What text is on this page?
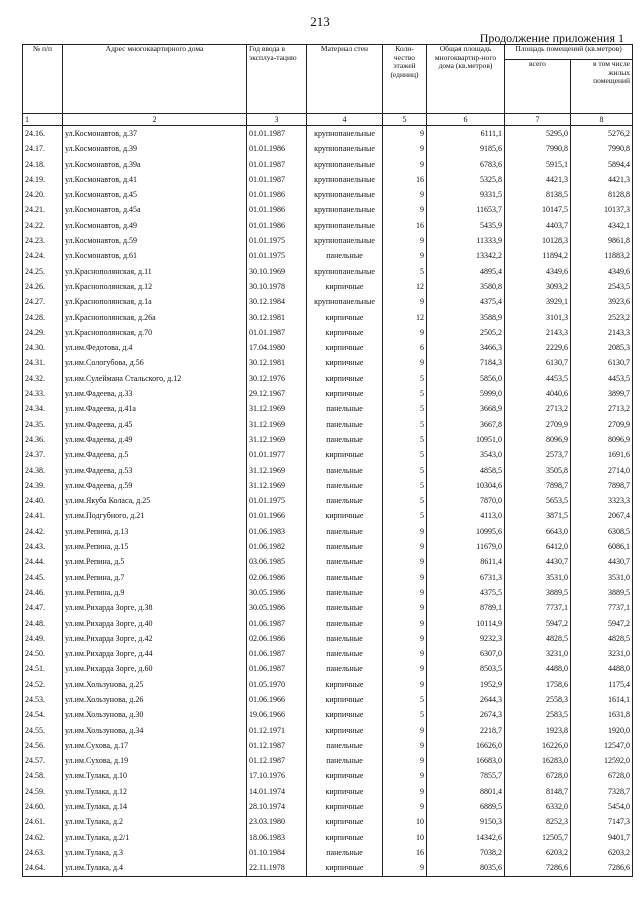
213
Продолжение приложения 1
№ п/п	Адрес многоквартирного дома	Год ввода в эксплуа-тацию	Материал стен	Коли-чество этажей (единиц)	Общая площадь многоквартир-ного дома (кв.метров)	Площадь помещений (кв.метров)	
						всего	в том числе жилых помещений
1	2	3	4	5	6	7	8
24.16.	ул.Космонавтов, д.37	01.01.1987	крупнопанельные	9	6111,1	5295,0	5276,2
24.17.	ул.Космонавтов, д.39	01.01.1986	крупнопанельные	9	9185,6	7990,8	7990,8
24.18.	ул.Космонавтов, д.39а	01.01.1987	крупнопанельные	9	6783,6	5915,1	5894,4
24.19.	ул.Космонавтов, д.41	01.01.1987	крупнопанельные	16	5325,8	4421,3	4421,3
24.20.	ул.Космонавтов, д.45	01.01.1986	крупнопанельные	9	9331,5	8138,5	8128,8
24.21.	ул.Космонавтов, д.45а	01.01.1986	крупнопанельные	9	11653,7	10147,5	10137,3
24.22.	ул.Космонавтов, д.49	01.01.1986	крупнопанельные	16	5435,9	4403,7	4342,1
24.23.	ул.Космонавтов, д.59	01.01.1975	крупнопанельные	9	11333,9	10128,3	9861,8
24.24.	ул.Космонавтов, д.61	01.01.1975	панельные	9	13342,2	11894,2	11883,2
24.25.	ул.Краснополянская, д.11	30.10.1969	крупнопанельные	5	4895,4	4349,6	4349,6
24.26.	ул.Краснополянская, д.12	30.10.1978	кирпичные	12	3580,8	3093,2	2543,5
24.27.	ул.Краснополянская, д.1а	30.12.1984	крупнопанельные	9	4375,4	3929,1	3923,6
24.28.	ул.Краснополянская, д.26а	30.12.1981	кирпичные	12	3588,9	3101,3	2523,2
24.29.	ул.Краснополянская, д.70	01.01.1987	кирпичные	9	2505,2	2143,3	2143,3
24.30.	ул.им.Федотова, д.4	17.04.1980	кирпичные	6	3466,3	2229,6	2085,3
24.31.	ул.им.Сологубова, д.56	30.12.1981	кирпичные	9	7184,3	6130,7	6130,7
24.32.	ул.им.Сулеймана Стальского, д.12	30.12.1976	кирпичные	5	5856,0	4453,5	4453,5
24.33.	ул.им.Фадеева, д.33	29.12.1967	кирпичные	5	5999,0	4040,6	3899,7
24.34.	ул.им.Фадеева, д.41а	31.12.1969	панельные	5	3668,9	2713,2	2713,2
24.35.	ул.им.Фадеева, д.45	31.12.1969	панельные	5	3667,8	2709,9	2709,9
24.36.	ул.им.Фадеева, д.49	31.12.1969	панельные	5	10951,0	8096,9	8096,9
24.37.	ул.им.Фадеева, д.5	01.01.1977	кирпичные	5	3543,0	2573,7	1691,6
24.38.	ул.им.Фадеева, д.53	31.12.1969	панельные	5	4858,5	3505,8	2714,0
24.39.	ул.им.Фадеева, д.59	31.12.1969	панельные	5	10304,6	7898,7	7898,7
24.40.	ул.им.Якуба Коласа, д.25	01.01.1975	панельные	5	7870,0	5653,5	3323,3
24.41.	ул.им.Подгубного, д.21	01.01.1966	кирпичные	5	4113,0	3871,5	2067,4
24.42.	ул.им.Репина, д.13	01.06.1983	панельные	9	10995,6	6643,0	6308,5
24.43.	ул.им.Репина, д.15	01.06.1982	панельные	9	11679,0	6412,0	6086,1
24.44.	ул.им.Репина, д.5	03.06.1985	панельные	9	8611,4	4430,7	4430,7
24.45.	ул.им.Репина, д.7	02.06.1986	панельные	9	6731,3	3531,0	3531,0
24.46.	ул.им.Репина, д.9	30.05.1986	панельные	9	4375,5	3889,5	3889,5
24.47.	ул.им.Рихарда Зорге, д.38	30.05.1986	панельные	9	8789,1	7737,1	7737,1
24.48.	ул.им.Рихарда Зорге, д.40	01.06.1987	панельные	9	10114,9	5947,2	5947,2
24.49.	ул.им.Рихарда Зорге, д.42	02.06.1986	панельные	9	9232,3	4828,5	4828,5
24.50.	ул.им.Рихарда Зорге, д.44	01.06.1987	панельные	9	6307,0	3231,0	3231,0
24.51.	ул.им.Рихарда Зорге, д.60	01.06.1987	панельные	9	8503,5	4488,0	4488,0
24.52.	ул.им.Хользунова, д.25	01.05.1970	кирпичные	9	1952,9	1758,6	1175,4
24.53.	ул.им.Хользунова, д.26	01.06.1966	кирпичные	5	2644,3	2558,3	1614,1
24.54.	ул.им.Хользунова, д.30	19.06.1966	кирпичные	5	2674,3	2583,5	1631,8
24.55.	ул.им.Хользунова, д.34	01.12.1971	кирпичные	9	2218,7	1923,8	1920,0
24.56.	ул.им.Сухова, д.17	01.12.1987	панельные	9	16626,0	16226,0	12547,0
24.57.	ул.им.Сухова, д.19	01.12.1987	панельные	9	16683,0	16283,0	12592,0
24.58.	ул.им.Тулака, д.10	17.10.1976	кирпичные	9	7855,7	6728,0	6728,0
24.59.	ул.им.Тулака, д.12	14.01.1974	кирпичные	9	8801,4	8148,7	7328,7
24.60.	ул.им.Тулака, д.14	28.10.1974	кирпичные	9	6889,5	6332,0	5454,0
24.61.	ул.им.Тулака, д.2	23.03.1980	кирпичные	10	9150,3	8252,3	7147,3
24.62.	ул.им.Тулака, д.2/1	18.06.1983	кирпичные	10	14342,6	12505,7	9401,7
24.63.	ул.им.Тулака, д.3	01.10.1984	панельные	16	7038,2	6203,2	6203,2
24.64.	ул.им.Тулака, д.4	22.11.1978	кирпичные	9	8035,6	7286,6	7286,6
